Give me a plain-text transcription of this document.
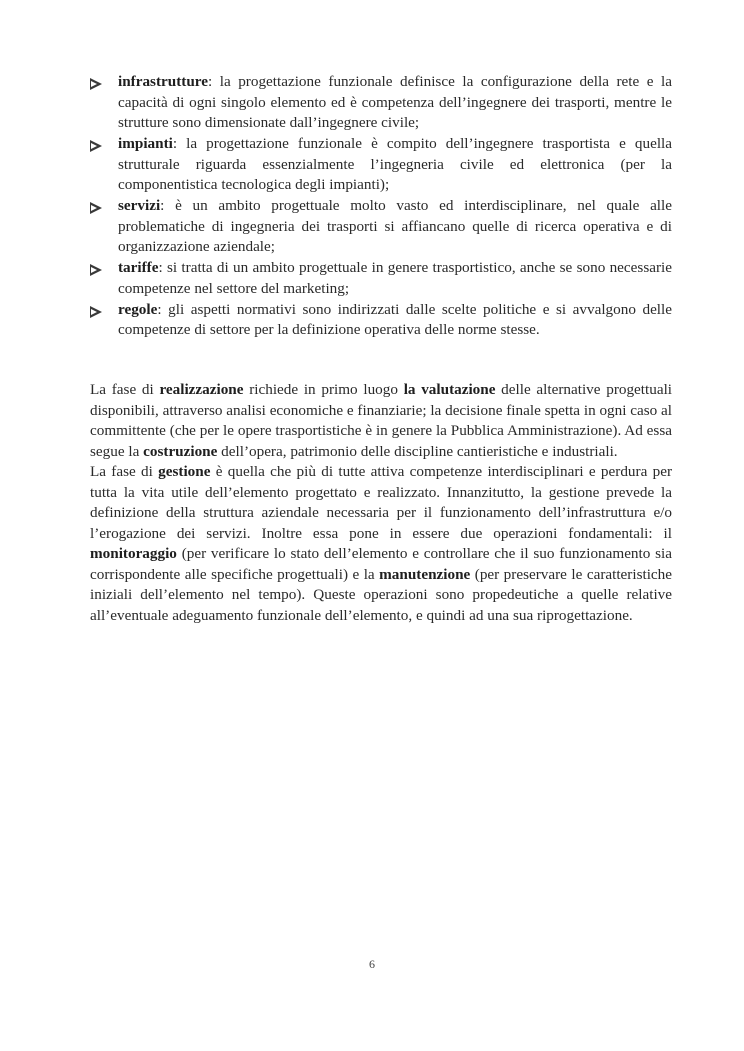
infrastrutture: la progettazione funzionale definisce la configurazione della rete e la capacità di ogni singolo elemento ed è competenza dell’ingegnere dei trasporti, mentre le strutture sono dimensionate dall’ingegnere civile;
impianti: la progettazione funzionale è compito dell’ingegnere trasportista e quella strutturale riguarda essenzialmente l’ingegneria civile ed elettronica (per la componentistica tecnologica degli impianti);
servizi: è un ambito progettuale molto vasto ed interdisciplinare, nel quale alle problematiche di ingegneria dei trasporti si affiancano quelle di ricerca operativa e di organizzazione aziendale;
tariffe: si tratta di un ambito progettuale in genere trasportistico, anche se sono necessarie competenze nel settore del marketing;
regole: gli aspetti normativi sono indirizzati dalle scelte politiche e si avvalgono delle competenze di settore per la definizione operativa delle norme stesse.

La fase di realizzazione richiede in primo luogo la valutazione delle alternative progettuali disponibili, attraverso analisi economiche e finanziarie; la decisione finale spetta in ogni caso al committente (che per le opere trasportistiche è in genere la Pubblica Amministrazione). Ad essa segue la costruzione dell’opera, patrimonio delle discipline cantieristiche e industriali.

La fase di gestione è quella che più di tutte attiva competenze interdisciplinari e perdura per tutta la vita utile dell’elemento progettato e realizzato. Innanzitutto, la gestione prevede la definizione della struttura aziendale necessaria per il funzionamento dell’infrastruttura e/o l’erogazione dei servizi. Inoltre essa pone in essere due operazioni fondamentali: il monitoraggio (per verificare lo stato dell’elemento e controllare che il suo funzionamento sia corrispondente alle specifiche progettuali) e la manutenzione (per preservare le caratteristiche iniziali dell’elemento nel tempo). Queste operazioni sono propedeutiche a quelle relative all’eventuale adeguamento funzionale dell’elemento, e quindi ad una sua riprogettazione.

6
